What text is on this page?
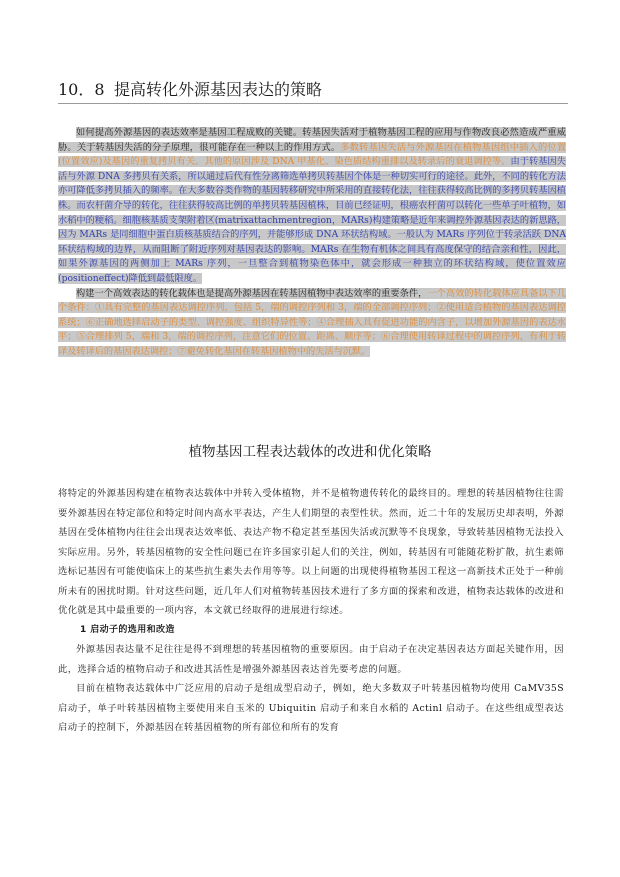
10．8 提高转化外源基因表达的策略

如何提高外源基因的表达效率是基因工程成败的关键。转基因失活对于植物基因工程的应用与作物改良必然造成严重威胁。关于转基因失活的分子原理，很可能存在一种以上的作用方式。多数转基因失活与外源基因在植物基因组中插入的位置(位置效应)及基因的重复拷贝有关。其他的原因涉及 DNA 甲基化、染色质结构重排以及转录后的衰退调控等。由于转基因失活与外源 DNA 多拷贝有关系，所以通过后代有性分离筛选单拷贝转基因个体是一种切实可行的途径。此外，不同的转化方法亦可降低多拷贝插入的频率。在大多数谷类作物的基因转移研究中所采用的直接转化法，往往获得较高比例的多拷贝转基因植株。而农杆菌介导的转化，往往获得较高比例的单拷贝转基因植株，目前已经证明，根癌农杆菌可以转化一些单子叶植物，如水稻中的粳稻。细胞核基质支架附着区(matrixattachmentregion，MARs)构建策略是近年来调控外源基因表达的新思路，因为 MARs 是同细胞中蛋白质核基质结合的序列，并能够形成 DNA 环状结构域。一般认为 MARs 序列位于转录活跃 DNA 环状结构域的边界，从而阻断了附近序列对基因表达的影响。MARs 在生物有机体之间具有高度保守的结合亲和性，因此，如果外源基因的两侧加上 MARs 序列，一旦整合到植物染色体中，就会形成一种独立的环状结构域，使位置效应(positioneffect)降低到最低限度。

构建一个高效表达的转化载体也是提高外源基因在转基因植物中表达效率的重要条件，一个高效的转化载体应具备以下几个条件：①具有完整的基因表达调控序列，包括 5，端的调控序列和 3，端的全部调控序列；②使用适合植物的基因表达调控系统；⑥正确地选择启动子的类型、调控强度、组织特异性等；④合理插入具有促进功能的内含子，以增加外源基因的表达水平；⑤合理排列 5，端和 3，端的调控序列，注意它们的位置、距离、顺序等；⑥合理使用转译过程中的调控序列，有利于转译及转译后的基因表达调控；⑦避免转化基因在转基因植物中的失活与沉默。

植物基因工程表达载体的改进和优化策略

将特定的外源基因构建在植物表达载体中并转入受体植物，并不是植物遗传转化的最终目的。理想的转基因植物往往需要外源基因在特定部位和特定时间内高水平表达，产生人们期望的表型性状。然而，近二十年的发展历史却表明，外源基因在受体植物内往往会出现表达效率低、表达产物不稳定甚至基因失活或沉默等不良现象，导致转基因植物无法投入实际应用。另外，转基因植物的安全性问题已在许多国家引起人们的关注，例如，转基因有可能随花粉扩散，抗生素筛选标记基因有可能使临床上的某些抗生素失去作用等等。以上问题的出现使得植物基因工程这一高新技术正处于一种前所未有的困扰时期。针对这些问题，近几年人们对植物转基因技术进行了多方面的探索和改进，植物表达载体的改进和优化就是其中最重要的一项内容，本文就已经取得的进展进行综述。

1 启动子的选用和改造

外源基因表达量不足往往是得不到理想的转基因植物的重要原因。由于启动子在决定基因表达方面起关键作用，因此，选择合适的植物启动子和改进其活性是增强外源基因表达首先要考虑的问题。

目前在植物表达载体中广泛应用的启动子是组成型启动子，例如，绝大多数双子叶转基因植物均使用 CaMV35S 启动子，单子叶转基因植物主要使用来自玉米的 Ubiquitin 启动子和来自水稻的 Actinl 启动子。在这些组成型表达启动子的控制下，外源基因在转基因植物的所有部位和所有的发育
